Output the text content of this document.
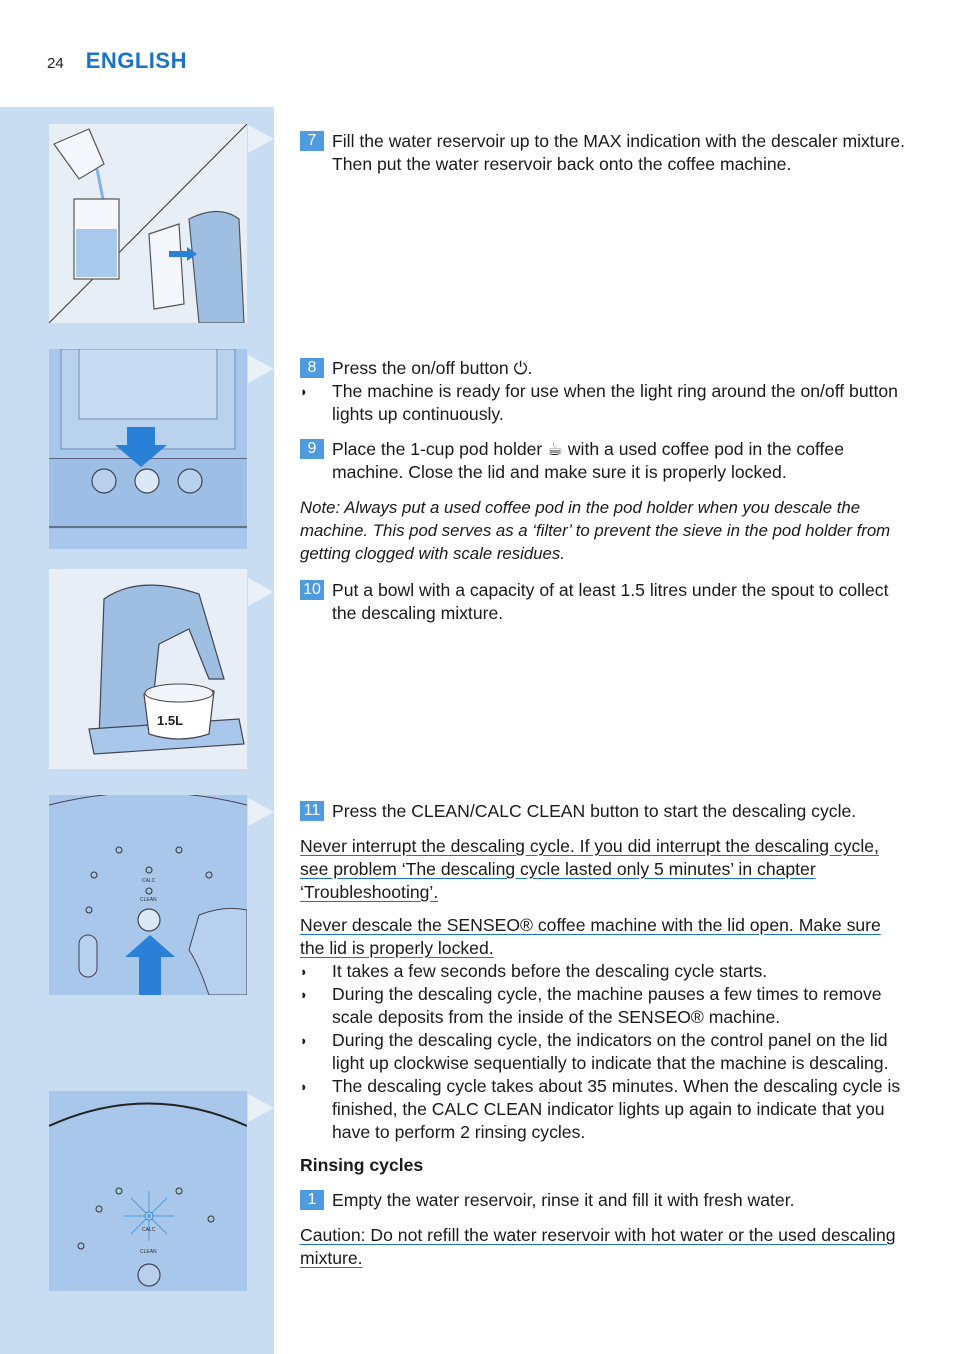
24 ENGLISH
1.5L
CALC
CLEAN
CALC
CLEAN
7 Fill the water reservoir up to the MAX indication with the descaler mixture. Then put the water reservoir back onto the coffee machine.
8 Press the on/off button ⏻.
◗	The machine is ready for use when the light ring around the on/off button lights up continuously.
9 Place the 1-cup pod holder ☕ with a used coffee pod in the coffee machine. Close the lid and make sure it is properly locked.
Note: Always put a used coffee pod in the pod holder when you descale the machine. This pod serves as a ‘filter’ to prevent the sieve in the pod holder from getting clogged with scale residues.
10 Put a bowl with a capacity of at least 1.5 litres under the spout to collect the descaling mixture.
11 Press the CLEAN/CALC CLEAN button to start the descaling cycle.
Never interrupt the descaling cycle. If you did interrupt the descaling cycle, see problem ‘The descaling cycle lasted only 5 minutes’ in chapter ‘Troubleshooting’.
Never descale the SENSEO® coffee machine with the lid open. Make sure the lid is properly locked.
◗	It takes a few seconds before the descaling cycle starts.
◗	During the descaling cycle, the machine pauses a few times to remove scale deposits from the inside of the SENSEO® machine.
◗	During the descaling cycle, the indicators on the control panel on the lid light up clockwise sequentially to indicate that the machine is descaling.
◗	The descaling cycle takes about 35 minutes. When the descaling cycle is finished, the CALC CLEAN indicator lights up again to indicate that you have to perform 2 rinsing cycles.
Rinsing cycles
1 Empty the water reservoir, rinse it and fill it with fresh water.
Caution: Do not refill the water reservoir with hot water or the used descaling mixture.
